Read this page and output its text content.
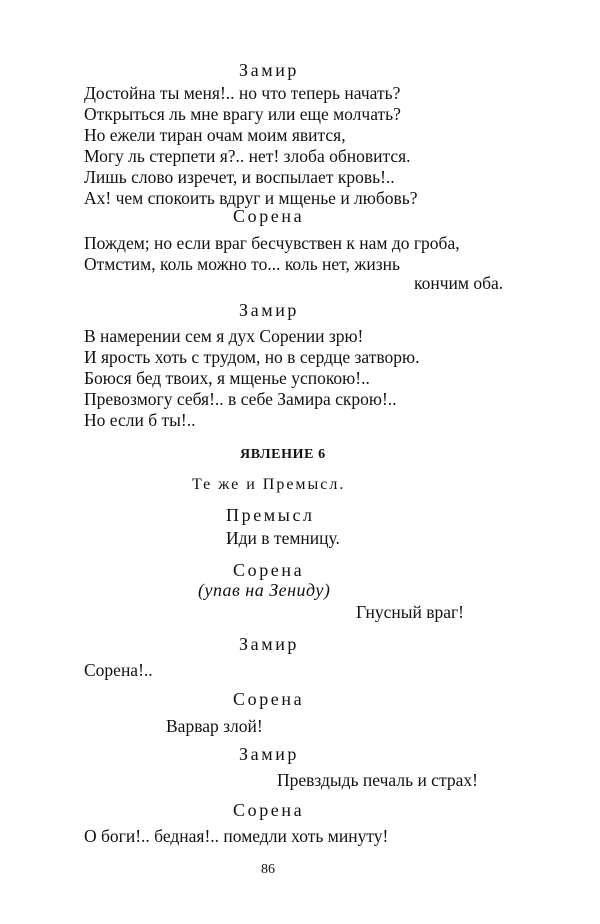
Замир
Достойна ты меня!.. но что теперь начать?
Открыться ль мне врагу или еще молчать?
Но ежели тиран очам моим явится,
Могу ль стерпети я?.. нет! злоба обновится.
Лишь слово изречет, и воспылает кровь!..
Ах! чем спокоить вдруг и мщенье и любовь?
Сорена
Пождем; но если враг бесчувствен к нам до гроба,
Отмстим, коль можно то... коль нет, жизнь
кончим оба.
Замир
В намерении сем я дух Сорении зрю!
И ярость хоть с трудом, но в сердце затворю.
Боюся бед твоих, я мщенье успокою!..
Превозмогу себя!.. в себе Замира скрою!..
Но если б ты!..
ЯВЛЕНИЕ 6
Те же и Премысл.
Премысл
Иди в темницу.
Сорена
(упав на Зениду)
Гнусный враг!
Замир
Сорена!..
Сорена
Варвар злой!
Замир
Превздыдь печаль и страх!
Сорена
О боги!.. бедная!.. помедли хоть минуту!
86
